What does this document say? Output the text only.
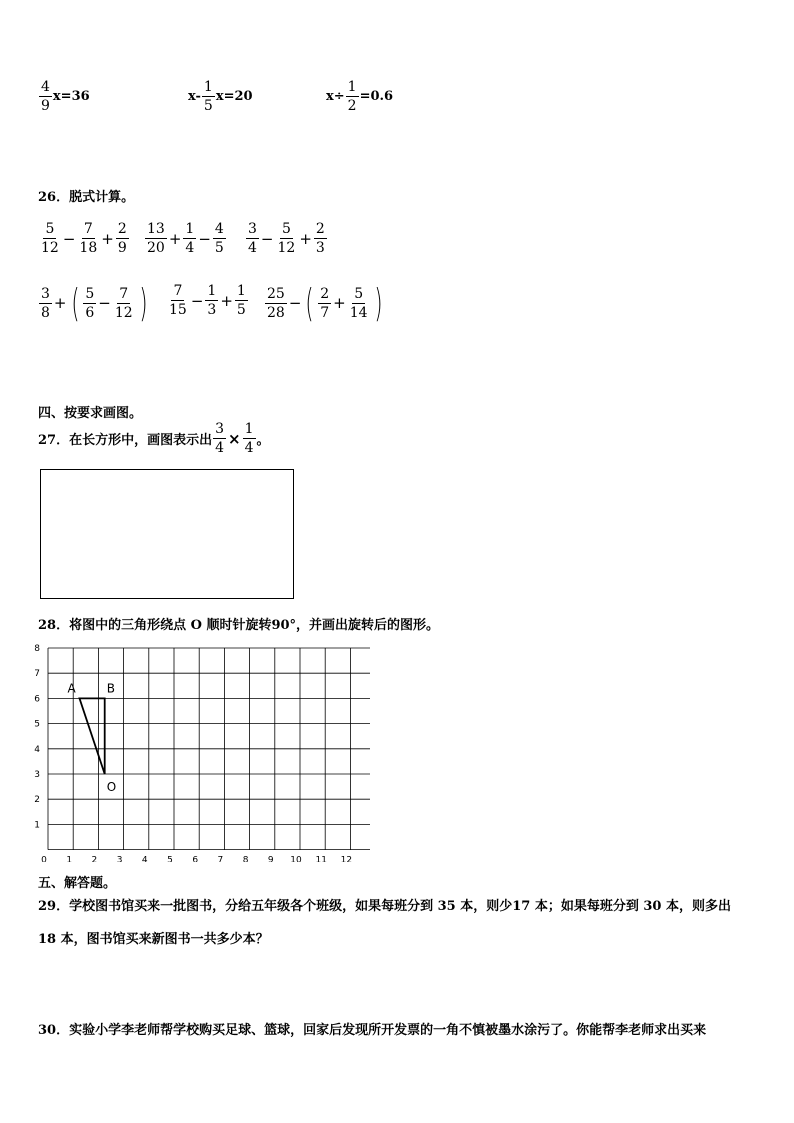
$\frac{4}{9} x=36$	$x- \frac{1}{5} x=20$	$x\div \frac{1}{2} =0.6$
26．脱式计算。
$\frac{5}{12} - \frac{7}{18} + \frac{2}{9} \frac{13}{20} + \frac{1}{4} - \frac{4}{5} \frac{3}{4} - \frac{5}{12} + \frac{2}{3}$
$\frac{3}{8}$ + ( $\frac{5}{6} - \frac{7}{12}$ ) $\frac{7}{15} - \frac{1}{3} + \frac{1}{5} \frac{25}{28}$ − ( $\frac{2}{7} + \frac{5}{14}$ )
四、按要求画图。
27．在长方形中，画图表示出 $\frac{3}{4} \times \frac{1}{4}$ 。
28．将图中的三角形绕点 O 顺时针旋转90°，并画出旋转后的图形。
1
2
3
4
5
6
7
8
0 1 2 3 4 5 6 7 8 9 10 11 12
A	B
O
五、解答题。
29．学校图书馆买来一批图书，分给五年级各个班级，如果每班分到 35 本，则少17 本；如果每班分到 30 本，则多出
18 本，图书馆买来新图书一共多少本？
30．实验小学李老师帮学校购买足球、篮球，回家后发现所开发票的一角不慎被墨水涂污了。你能帮李老师求出买来
